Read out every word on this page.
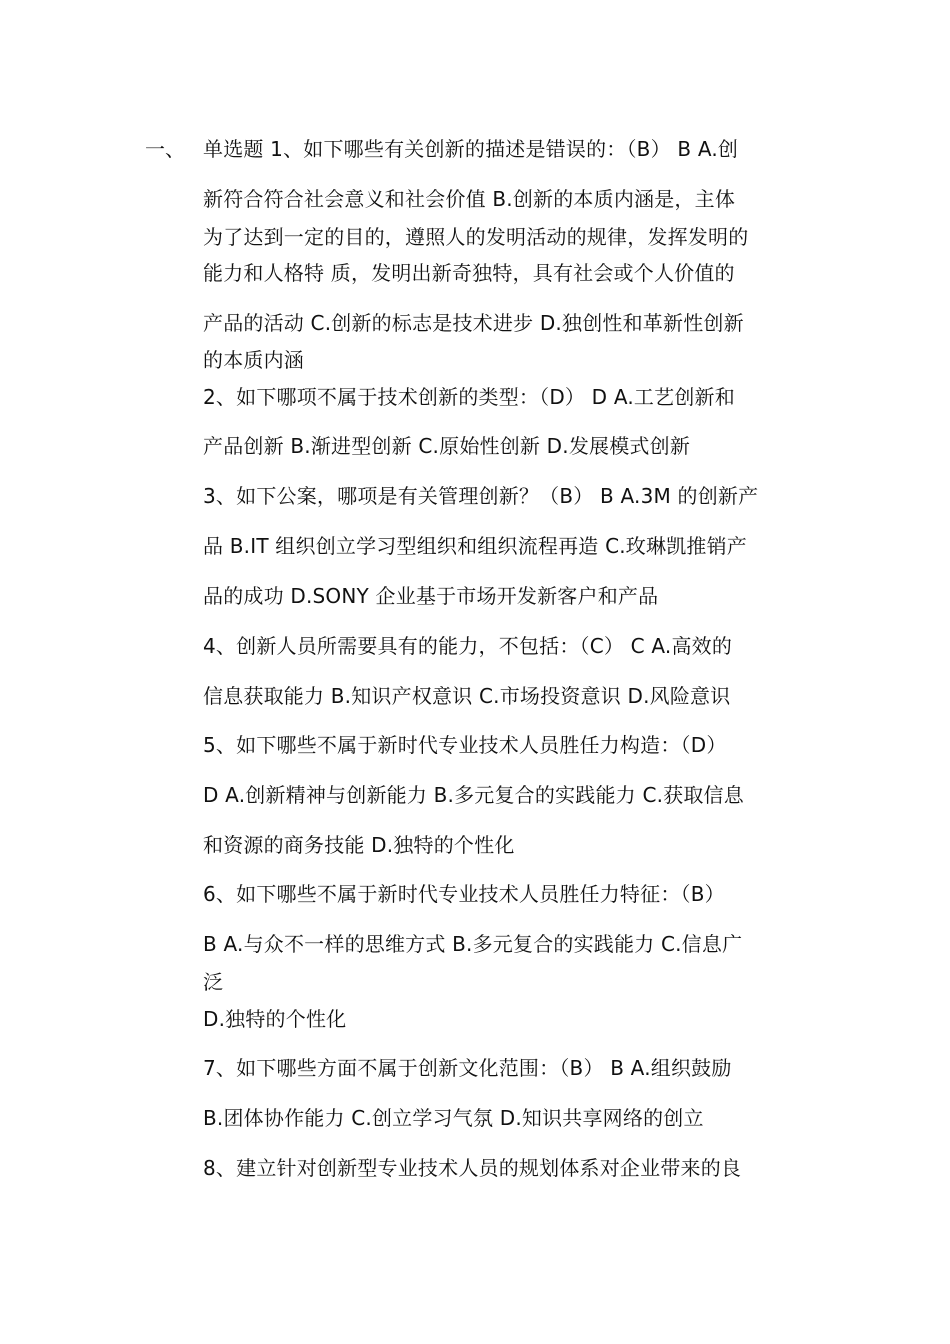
一、 单选题 1、如下哪些有关创新的描述是错误的：（B） B A.创
新符合符合社会意义和社会价值 B.创新的本质内涵是，主体
为了达到一定的目的，遵照人的发明活动的规律，发挥发明的
能力和人格特 质，发明出新奇独特，具有社会或个人价值的
产品的活动 C.创新的标志是技术进步 D.独创性和革新性创新
的本质内涵
2、如下哪项不属于技术创新的类型：（D） D A.工艺创新和
产品创新 B.渐进型创新 C.原始性创新 D.发展模式创新
3、如下公案，哪项是有关管理创新？（B） B A.3M 的创新产
品 B.IT 组织创立学习型组织和组织流程再造 C.玫琳凯推销产
品的成功 D.SONY 企业基于市场开发新客户和产品
4、创新人员所需要具有的能力，不包括：（C） C A.高效的
信息获取能力 B.知识产权意识 C.市场投资意识 D.风险意识
5、如下哪些不属于新时代专业技术人员胜任力构造：（D）
D A.创新精神与创新能力 B.多元复合的实践能力 C.获取信息
和资源的商务技能 D.独特的个性化
6、如下哪些不属于新时代专业技术人员胜任力特征：（B）
B A.与众不一样的思维方式 B.多元复合的实践能力 C.信息广
泛
D.独特的个性化
7、如下哪些方面不属于创新文化范围：（B） B A.组织鼓励
B.团体协作能力 C.创立学习气氛 D.知识共享网络的创立
8、建立针对创新型专业技术人员的规划体系对企业带来的良
